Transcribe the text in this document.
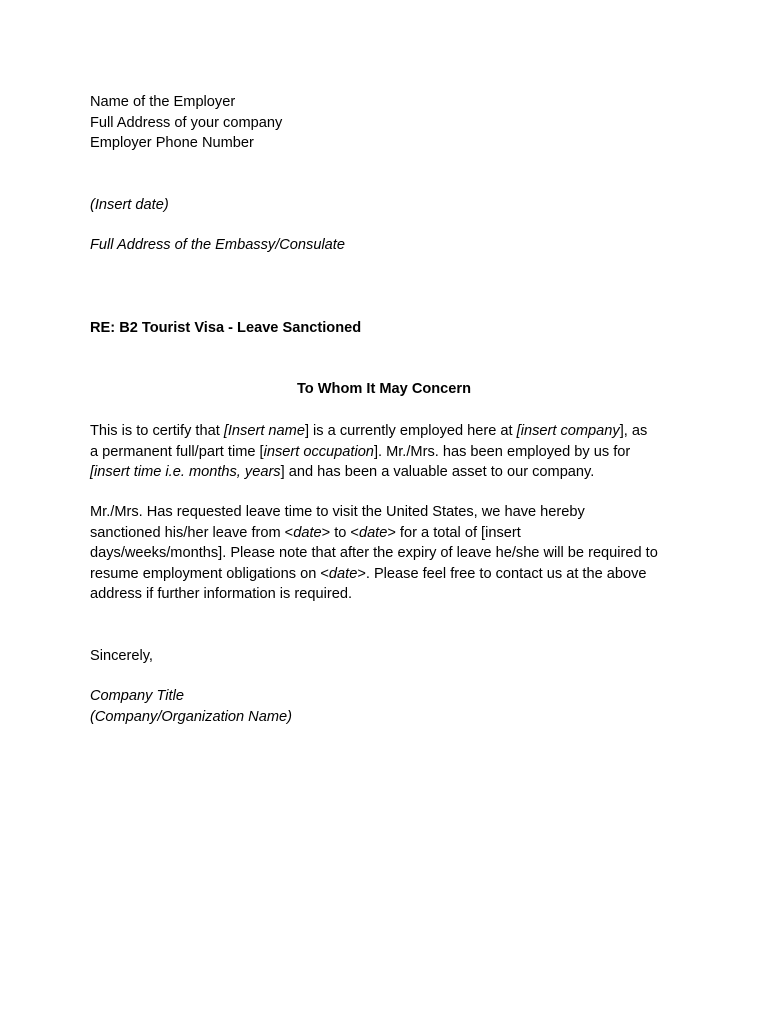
Name of the Employer

Full Address of your company

Employer Phone Number

(Insert date)
Full Address of the Embassy/Consulate
RE: B2 Tourist Visa - Leave Sanctioned
To Whom It May Concern

This is to certify that [Insert name] is a currently employed here at [insert company], as

a permanent full/part time [insert occupation]. Mr./Mrs. has been employed by us for

[insert time i.e. months, years] and has been a valuable asset to our company.

Mr./Mrs. Has requested leave time to visit the United States, we have hereby

sanctioned his/her leave from <date> to <date> for a total of [insert

days/weeks/months]. Please note that after the expiry of leave he/she will be required to

resume employment obligations on <date>. Please feel free to contact us at the above

address if further information is required.

Sincerely,

Company Title

(Company/Organization Name)
